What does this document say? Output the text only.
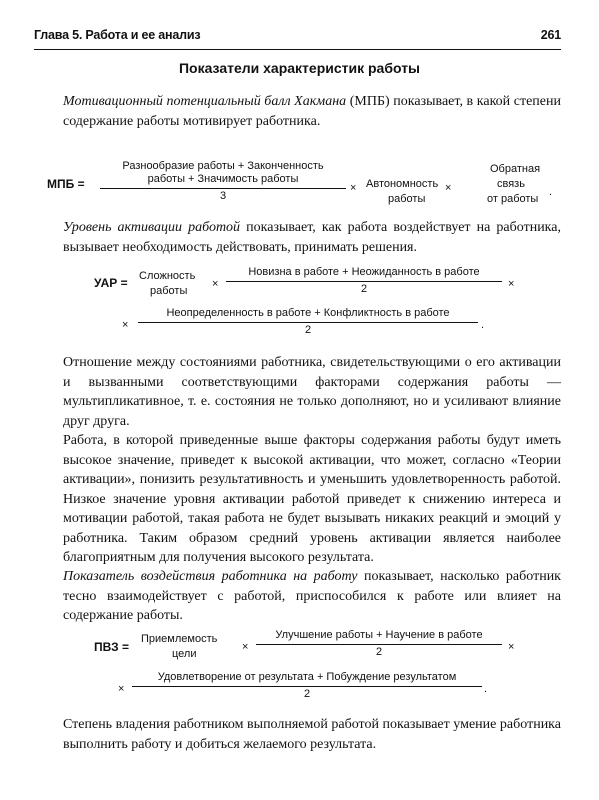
Глава 5. Работа и ее анализ	261
Показатели характеристик работы

Мотивационный потенциальный балл Хакмана (МПБ) показывает, в какой степени содержание работы мотивирует работника.

МПБ =
Разнообразие работы + Законченность
работы + Значимость работы
3
× Автономность
работы
×
Обратная
связь
от работы
.

Уровень активации работой показывает, как работа воздействует на работника, вызывает необходимость действовать, принимать решения.

УАР = Сложность
работы
×
Новизна в работе + Неожиданность в работе
2	×
×
Неопределенность в работе + Конфликтность в работе
2	.

Отношение между состояниями работника, свидетельствующими о его активации и вызванными соответствующими факторами содержания работы — мультипликативное, т. е. состояния не только дополняют, но и усиливают влияние друг друга.

Работа, в которой приведенные выше факторы содержания работы будут иметь высокое значение, приведет к высокой активации, что может, согласно «Теории активации», понизить результативность и уменьшить удовлетворенность работой. Низкое значение уровня активации работой приведет к снижению интереса и мотивации работой, такая работа не будет вызывать никаких реакций и эмоций у работника. Таким образом средний уровень активации является наиболее благоприятным для получения высокого результата.

Показатель воздействия работника на работу показывает, насколько работник тесно взаимодействует с работой, приспособился к работе или влияет на содержание работы.

ПВЗ =
Приемлемость
цели
×
Улучшение работы + Научение в работе
2	×
×
Удовлетворение от результата + Побуждение результатом
2	.

Степень владения работником выполняемой работой показывает умение работника выполнить работу и добиться желаемого результата.
